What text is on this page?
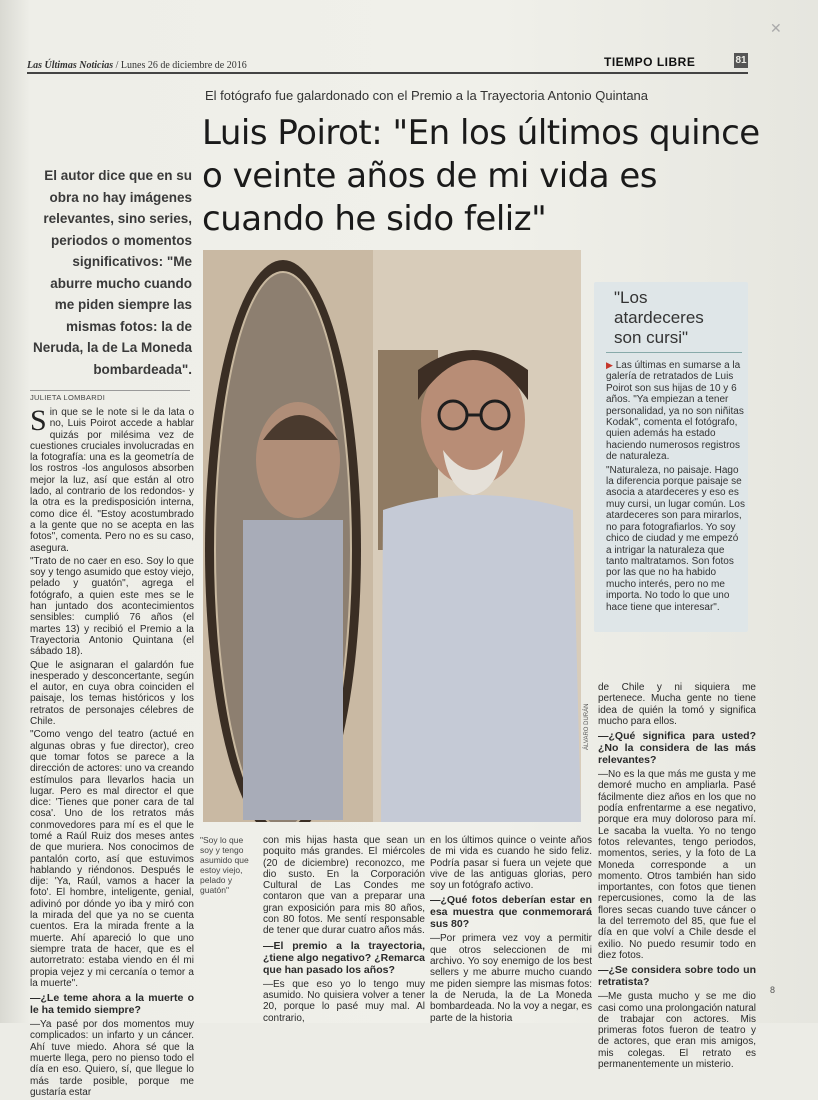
✕
Las Últimas Noticias / Lunes 26 de diciembre de 2016	TIEMPO LIBRE	81
El fotógrafo fue galardonado con el Premio a la Trayectoria Antonio Quintana
Luis Poirot: "En los últimos quince o veinte años de mi vida es cuando he sido feliz"
El autor dice que en su obra no hay imágenes relevantes, sino series, periodos o momentos significativos: "Me aburre mucho cuando me piden siempre las mismas fotos: la de Neruda, la de La Moneda bombardeada".
JULIETA LOMBARDI
S in que se le note si le da lata o no, Luis Poirot accede a hablar quizás por milésima vez de cuestiones cruciales involucradas en la fotografía: una es la geometría de los rostros -los angulosos absorben mejor la luz, así que están al otro lado, al contrario de los redondos- y la otra es la predisposición interna, como dice él. "Estoy acostumbrado a la gente que no se acepta en las fotos", comenta. Pero no es su caso, asegura.

"Trato de no caer en eso. Soy lo que soy y tengo asumido que estoy viejo, pelado y guatón", agrega el fotógrafo, a quien este mes se le han juntado dos acontecimientos sensibles: cumplió 76 años (el martes 13) y recibió el Premio a la Trayectoria Antonio Quintana (el sábado 18).

Que le asignaran el galardón fue inesperado y desconcertante, según el autor, en cuya obra coinciden el paisaje, los temas históricos y los retratos de personajes célebres de Chile.

"Como vengo del teatro (actué en algunas obras y fue director), creo que tomar fotos se parece a la dirección de actores: uno va creando estímulos para llevarlos hacia un lugar. Pero es mal director el que dice: 'Tienes que poner cara de tal cosa'. Uno de los retratos más conmovedores para mí es el que le tomé a Raúl Ruiz dos meses antes de que muriera. Nos conocimos de pantalón corto, así que estuvimos hablando y riéndonos. Después le dije: 'Ya, Raúl, vamos a hacer la foto'. El hombre, inteligente, genial, adivinó por dónde yo iba y miró con la mirada del que ya no se cuenta cuentos. Era la mirada frente a la muerte. Ahí apareció lo que uno siempre trata de hacer, que es el autorretrato: estaba viendo en él mi propia vejez y mi cercanía o temor a la muerte".

—¿Le teme ahora a la muerte o le ha temido siempre?

—Ya pasé por dos momentos muy complicados: un infarto y un cáncer. Ahí tuve miedo. Ahora sé que la muerte llega, pero no pienso todo el día en eso. Quiero, sí, que llegue lo más tarde posible, porque me gustaría estar

ÁLVARO DURÁN
"Soy lo que soy y tengo asumido que estoy viejo, pelado y guatón"
"Los atardeceres son cursi"

▶ Las últimas en sumarse a la galería de retratados de Luis Poirot son sus hijas de 10 y 6 años. "Ya empiezan a tener personalidad, ya no son niñitas Kodak", comenta el fotógrafo, quien además ha estado haciendo numerosos registros de naturaleza.

"Naturaleza, no paisaje. Hago la diferencia porque paisaje se asocia a atardeceres y eso es muy cursi, un lugar común. Los atardeceres son para mirarlos, no para fotografiarlos. Yo soy chico de ciudad y me empezó a intrigar la naturaleza que tanto maltratamos. Son fotos por las que no ha habido mucho interés, pero no me importa. No todo lo que uno hace tiene que interesar".

con mis hijas hasta que sean un poquito más grandes. El miércoles (20 de diciembre) reconozco, me dio susto. En la Corporación Cultural de Las Condes me contaron que van a preparar una gran exposición para mis 80 años, con 80 fotos. Me sentí responsable de tener que durar cuatro años más.

—El premio a la trayectoria, ¿tiene algo negativo? ¿Remarca que han pasado los años?

—Es que eso yo lo tengo muy asumido. No quisiera volver a tener 20, porque lo pasé muy mal. Al contrario,

en los últimos quince o veinte años de mi vida es cuando he sido feliz. Podría pasar si fuera un vejete que vive de las antiguas glorias, pero soy un fotógrafo activo.

—¿Qué fotos deberían estar en esa muestra que conmemorará sus 80?

—Por primera vez voy a permitir que otros seleccionen de mi archivo. Yo soy enemigo de los best sellers y me aburre mucho cuando me piden siempre las mismas fotos: la de Neruda, la de La Moneda bombardeada. No la voy a negar, es parte de la historia

de Chile y ni siquiera me pertenece. Mucha gente no tiene idea de quién la tomó y significa mucho para ellos.

—¿Qué significa para usted? ¿No la considera de las más relevantes?

—No es la que más me gusta y me demoré mucho en ampliarla. Pasé fácilmente diez años en los que no podía enfrentarme a ese negativo, porque era muy doloroso para mí. Le sacaba la vuelta. Yo no tengo fotos relevantes, tengo periodos, momentos, series, y la foto de La Moneda corresponde a un momento. Otros también han sido importantes, con fotos que tienen repercusiones, como la de las flores secas cuando tuve cáncer o la del terremoto del 85, que fue el día en que volví a Chile desde el exilio. No puedo resumir todo en diez fotos.

—¿Se considera sobre todo un retratista?

—Me gusta mucho y se me dio casi como una prolongación natural de trabajar con actores. Mis primeras fotos fueron de teatro y de actores, que eran mis amigos, mis colegas. El retrato es permanentemente un misterio.

8
